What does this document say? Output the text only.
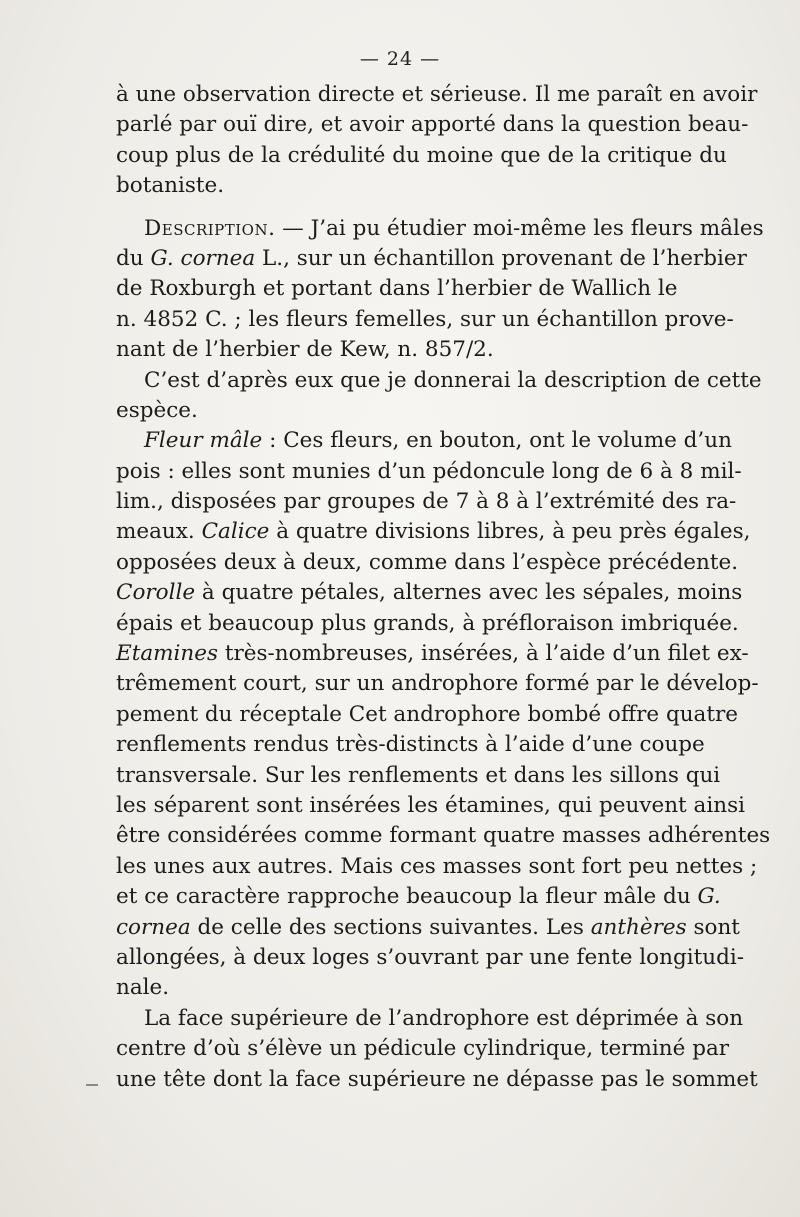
— 24 —
à une observation directe et sérieuse. Il me paraît en avoir
parlé par ouï dire, et avoir apporté dans la question beau-
coup plus de la crédulité du moine que de la critique du
botaniste.
Description. — J’ai pu étudier moi-même les fleurs mâles
du G. cornea L., sur un échantillon provenant de l’herbier
de Roxburgh et portant dans l’herbier de Wallich le
n. 4852 C. ; les fleurs femelles, sur un échantillon prove-
nant de l’herbier de Kew, n. 857/2.
C’est d’après eux que je donnerai la description de cette
espèce.
Fleur mâle : Ces fleurs, en bouton, ont le volume d’un
pois : elles sont munies d’un pédoncule long de 6 à 8 mil-
lim., disposées par groupes de 7 à 8 à l’extrémité des ra-
meaux. Calice à quatre divisions libres, à peu près égales,
opposées deux à deux, comme dans l’espèce précédente.
Corolle à quatre pétales, alternes avec les sépales, moins
épais et beaucoup plus grands, à préfloraison imbriquée.
Etamines très-nombreuses, insérées, à l’aide d’un filet ex-
trêmement court, sur un androphore formé par le dévelop-
pement du réceptale Cet androphore bombé offre quatre
renflements rendus très-distincts à l’aide d’une coupe
transversale. Sur les renflements et dans les sillons qui
les séparent sont insérées les étamines, qui peuvent ainsi
être considérées comme formant quatre masses adhérentes
les unes aux autres. Mais ces masses sont fort peu nettes ;
et ce caractère rapproche beaucoup la fleur mâle du G.
cornea de celle des sections suivantes. Les anthères sont
allongées, à deux loges s’ouvrant par une fente longitudi-
nale.
La face supérieure de l’androphore est déprimée à son
centre d’où s’élève un pédicule cylindrique, terminé par
une tête dont la face supérieure ne dépasse pas le sommet
